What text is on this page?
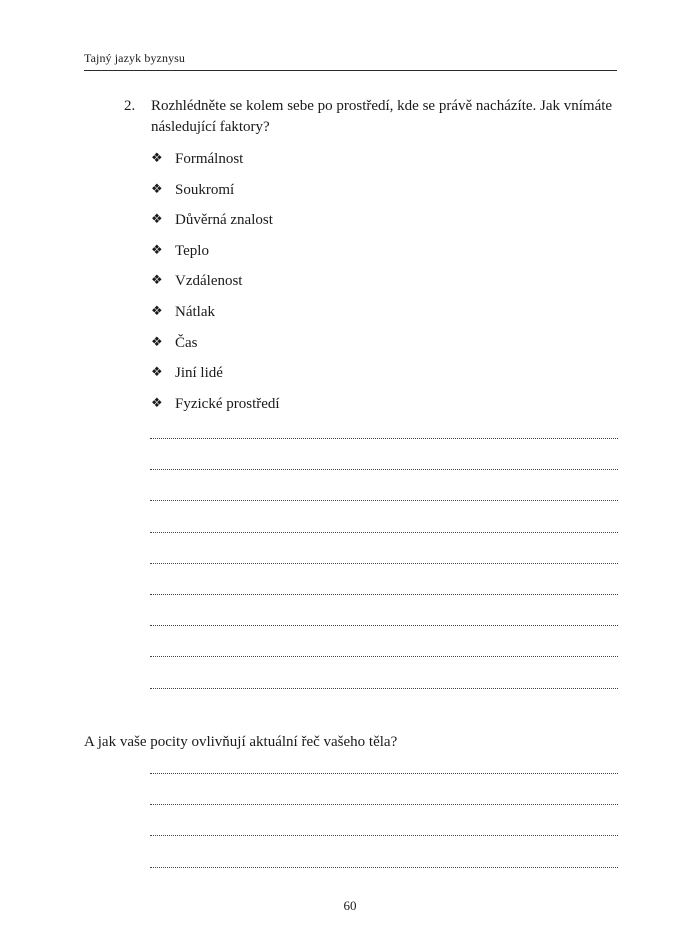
Tajný jazyk byznysu
2. Rozhlédněte se kolem sebe po prostředí, kde se právě nacházíte. Jak vnímáte následující faktory?
❖ Formálnost
❖ Soukromí
❖ Důvěrná znalost
❖ Teplo
❖ Vzdálenost
❖ Nátlak
❖ Čas
❖ Jiní lidé
❖ Fyzické prostředí
A jak vaše pocity ovlivňují aktuální řeč vašeho těla?
60
